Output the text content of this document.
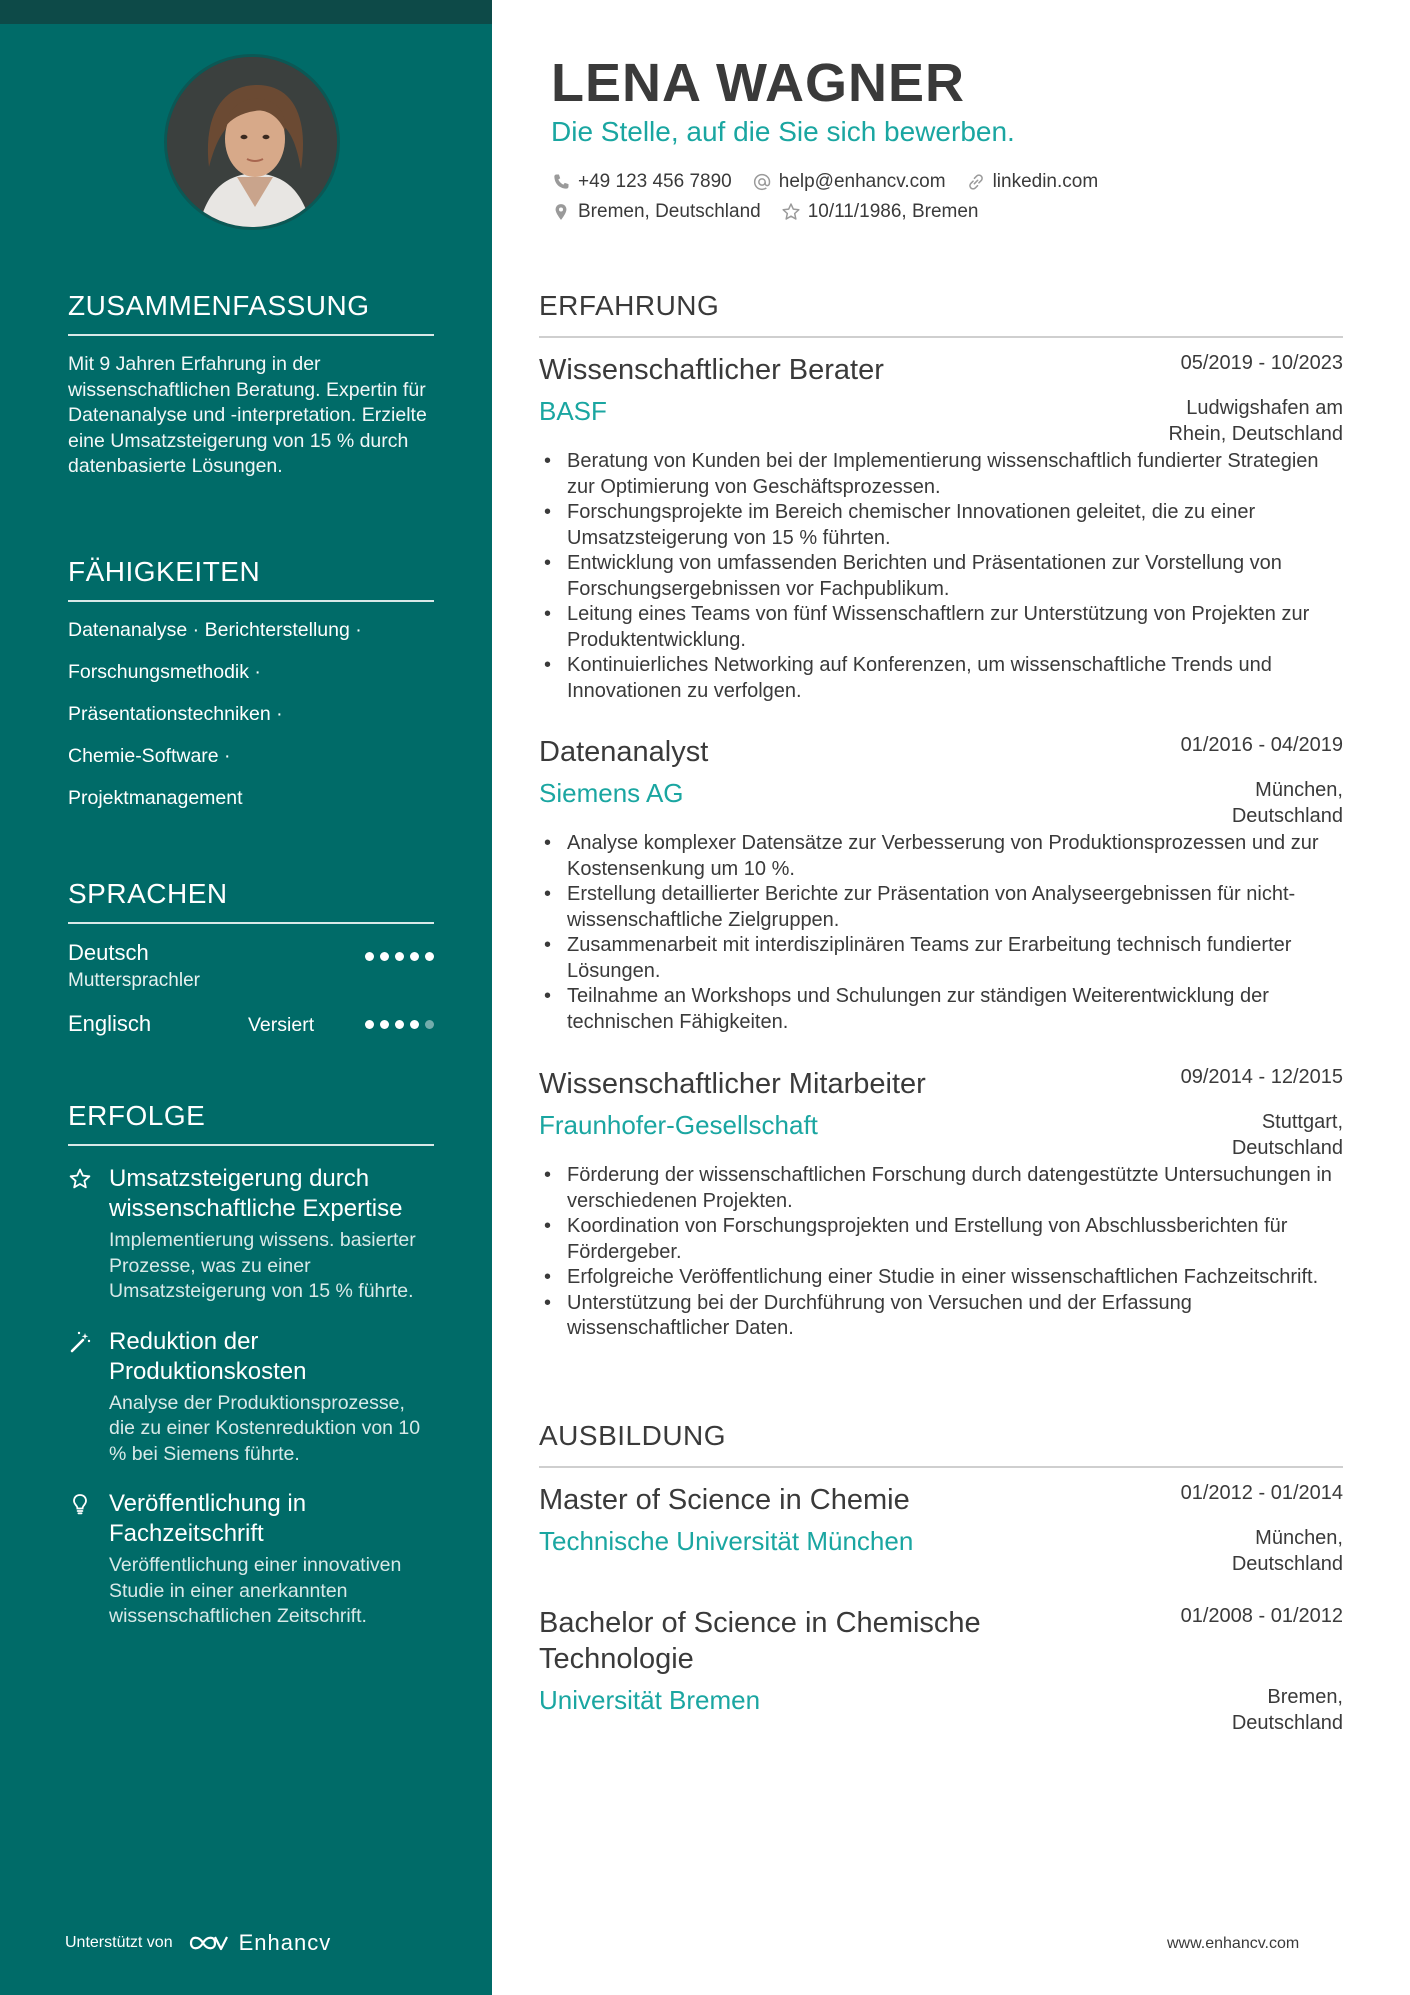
ZUSAMMENFASSUNG
Mit 9 Jahren Erfahrung in der wissenschaftlichen Beratung. Expertin für Datenanalyse und -interpretation. Erzielte eine Umsatzsteigerung von 15 % durch datenbasierte Lösungen.
FÄHIGKEITEN
Datenanalyse · Berichterstellung ·
Forschungsmethodik ·
Präsentationstechniken ·
Chemie-Software ·
Projektmanagement
SPRACHEN
Deutsch
Muttersprachler
Englisch	Versiert
ERFOLGE
Umsatzsteigerung durch wissenschaftliche Expertise
Implementierung wissens. basierter Prozesse, was zu einer Umsatzsteigerung von 15 % führte.
Reduktion der Produktionskosten
Analyse der Produktionsprozesse, die zu einer Kostenreduktion von 10 % bei Siemens führte.
Veröffentlichung in Fachzeitschrift
Veröffentlichung einer innovativen Studie in einer anerkannten wissenschaftlichen Zeitschrift.
Unterstützt von	Enhancv
LENA WAGNER
Die Stelle, auf die Sie sich bewerben.
+49 123 456 7890 help@enhancv.com linkedin.com
Bremen, Deutschland 10/11/1986, Bremen
ERFAHRUNG
Wissenschaftlicher Berater	05/2019 - 10/2023
BASF	Ludwigshafen am Rhein, Deutschland
• Beratung von Kunden bei der Implementierung wissenschaftlich fundierter Strategien zur Optimierung von Geschäftsprozessen.
• Forschungsprojekte im Bereich chemischer Innovationen geleitet, die zu einer Umsatzsteigerung von 15 % führten.
• Entwicklung von umfassenden Berichten und Präsentationen zur Vorstellung von Forschungsergebnissen vor Fachpublikum.
• Leitung eines Teams von fünf Wissenschaftlern zur Unterstützung von Projekten zur Produktentwicklung.
• Kontinuierliches Networking auf Konferenzen, um wissenschaftliche Trends und Innovationen zu verfolgen.
Datenanalyst	01/2016 - 04/2019
Siemens AG	München, Deutschland
• Analyse komplexer Datensätze zur Verbesserung von Produktionsprozessen und zur Kostensenkung um 10 %.
• Erstellung detaillierter Berichte zur Präsentation von Analyseergebnissen für nicht-wissenschaftliche Zielgruppen.
• Zusammenarbeit mit interdisziplinären Teams zur Erarbeitung technisch fundierter Lösungen.
• Teilnahme an Workshops und Schulungen zur ständigen Weiterentwicklung der technischen Fähigkeiten.
Wissenschaftlicher Mitarbeiter	09/2014 - 12/2015
Fraunhofer-Gesellschaft	Stuttgart, Deutschland
• Förderung der wissenschaftlichen Forschung durch datengestützte Untersuchungen in verschiedenen Projekten.
• Koordination von Forschungsprojekten und Erstellung von Abschlussberichten für Fördergeber.
• Erfolgreiche Veröffentlichung einer Studie in einer wissenschaftlichen Fachzeitschrift.
• Unterstützung bei der Durchführung von Versuchen und der Erfassung wissenschaftlicher Daten.
AUSBILDUNG
Master of Science in Chemie	01/2012 - 01/2014
Technische Universität München	München, Deutschland
Bachelor of Science in Chemische Technologie
01/2008 - 01/2012
Universität Bremen	Bremen, Deutschland
www.enhancv.com
